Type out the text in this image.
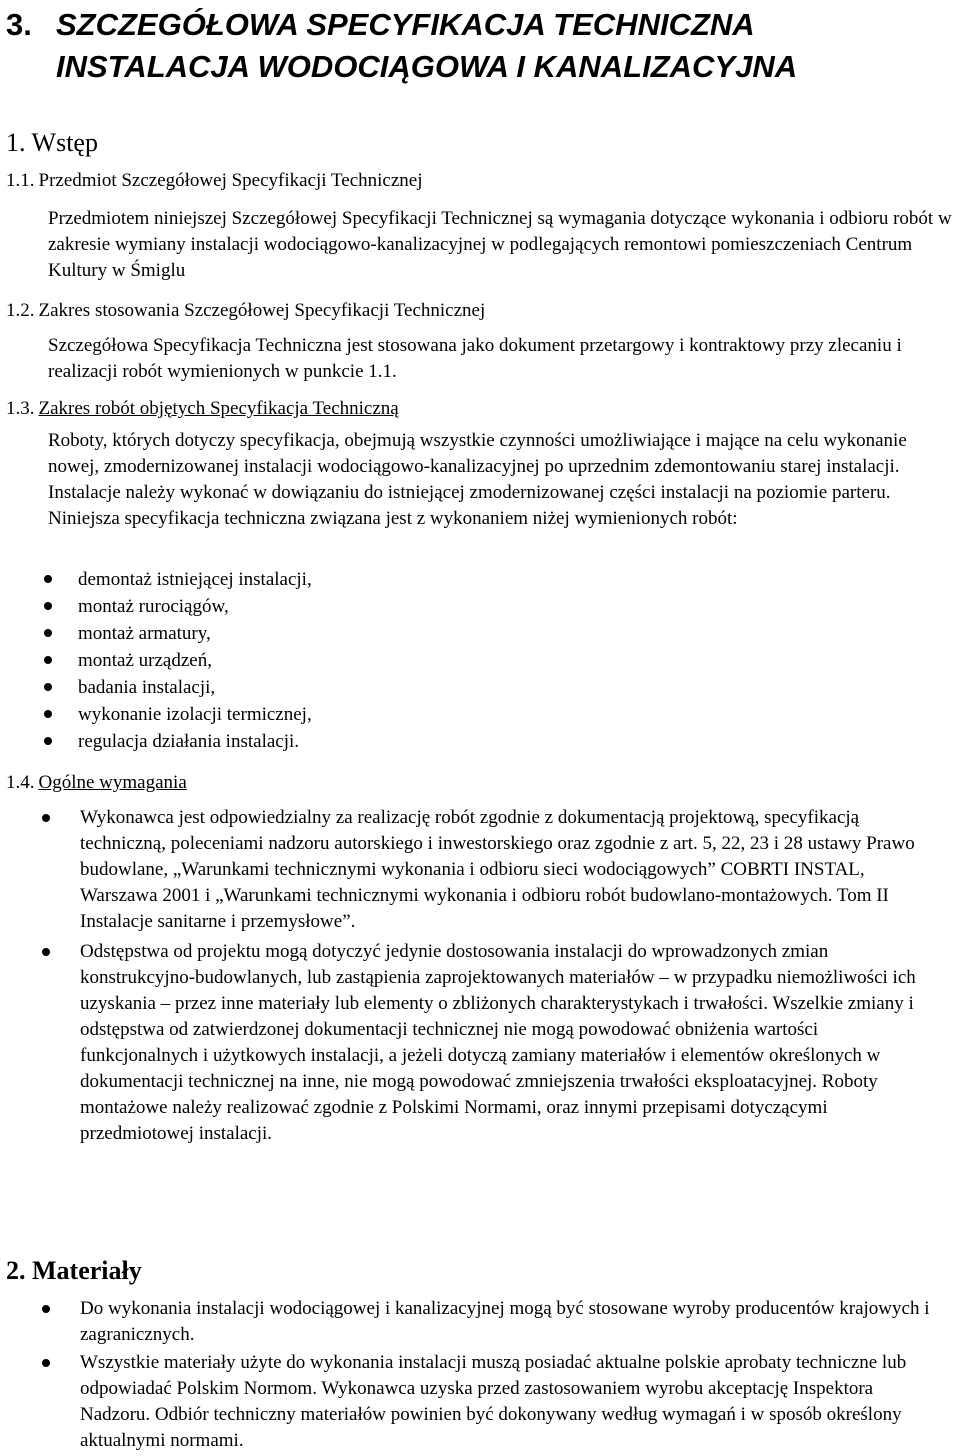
3. SZCZEGÓŁOWA SPECYFIKACJA TECHNICZNA
INSTALACJA WODOCIĄGOWA I KANALIZACYJNA
1. Wstęp
1.1. Przedmiot Szczegółowej Specyfikacji Technicznej

Przedmiotem niniejszej Szczegółowej Specyfikacji Technicznej są wymagania dotyczące wykonania i odbioru robót w zakresie wymiany instalacji wodociągowo-kanalizacyjnej w podlegających remontowi pomieszczeniach Centrum Kultury w Śmiglu

1.2. Zakres stosowania Szczegółowej Specyfikacji Technicznej

Szczegółowa Specyfikacja Techniczna jest stosowana jako dokument przetargowy i kontraktowy przy zlecaniu i realizacji robót wymienionych w punkcie 1.1.

1.3. Zakres robót objętych Specyfikacja Techniczną

Roboty, których dotyczy specyfikacja, obejmują wszystkie czynności umożliwiające i mające na celu wykonanie nowej, zmodernizowanej instalacji wodociągowo-kanalizacyjnej po uprzednim zdemontowaniu starej instalacji. Instalacje należy wykonać w dowiązaniu do istniejącej zmodernizowanej części instalacji na poziomie parteru. Niniejsza specyfikacja techniczna związana jest z wykonaniem niżej wymienionych robót:

demontaż istniejącej instalacji,
montaż rurociągów,
montaż armatury,
montaż urządzeń,
badania instalacji,
wykonanie izolacji termicznej,
regulacja działania instalacji.
1.4. Ogólne wymagania
Wykonawca jest odpowiedzialny za realizację robót zgodnie z dokumentacją projektową, specyfikacją techniczną, poleceniami nadzoru autorskiego i inwestorskiego oraz zgodnie z art. 5, 22, 23 i 28 ustawy Prawo budowlane, „Warunkami technicznymi wykonania i odbioru sieci wodociągowych” COBRTI INSTAL, Warszawa 2001 i „Warunkami technicznymi wykonania i odbioru robót budowlano-montażowych. Tom II Instalacje sanitarne i przemysłowe”.
Odstępstwa od projektu mogą dotyczyć jedynie dostosowania instalacji do wprowadzonych zmian konstrukcyjno-budowlanych, lub zastąpienia zaprojektowanych materiałów – w przypadku niemożliwości ich uzyskania – przez inne materiały lub elementy o zbliżonych charakterystykach i trwałości. Wszelkie zmiany i odstępstwa od zatwierdzonej dokumentacji technicznej nie mogą powodować obniżenia wartości funkcjonalnych i użytkowych instalacji, a jeżeli dotyczą zamiany materiałów i elementów określonych w dokumentacji technicznej na inne, nie mogą powodować zmniejszenia trwałości eksploatacyjnej. Roboty montażowe należy realizować zgodnie z Polskimi Normami, oraz innymi przepisami dotyczącymi przedmiotowej instalacji.
2. Materiały
Do wykonania instalacji wodociągowej i kanalizacyjnej mogą być stosowane wyroby producentów krajowych i zagranicznych.
Wszystkie materiały użyte do wykonania instalacji muszą posiadać aktualne polskie aprobaty techniczne lub odpowiadać Polskim Normom. Wykonawca uzyska przed zastosowaniem wyrobu akceptację Inspektora Nadzoru. Odbiór techniczny materiałów powinien być dokonywany według wymagań i w sposób określony aktualnymi normami.
